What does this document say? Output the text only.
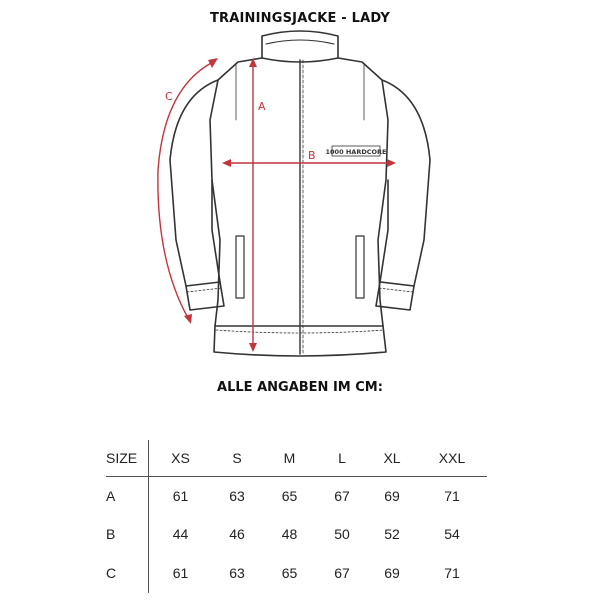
TRAININGSJACKE - LADY
1000 HARDCORE
A
B
C
ALLE ANGABEN IM CM:
SIZE	XS	S	M	L	XL	XXL
A	61	63	65	67	69	71
B	44	46	48	50	52	54
C	61	63	65	67	69	71
